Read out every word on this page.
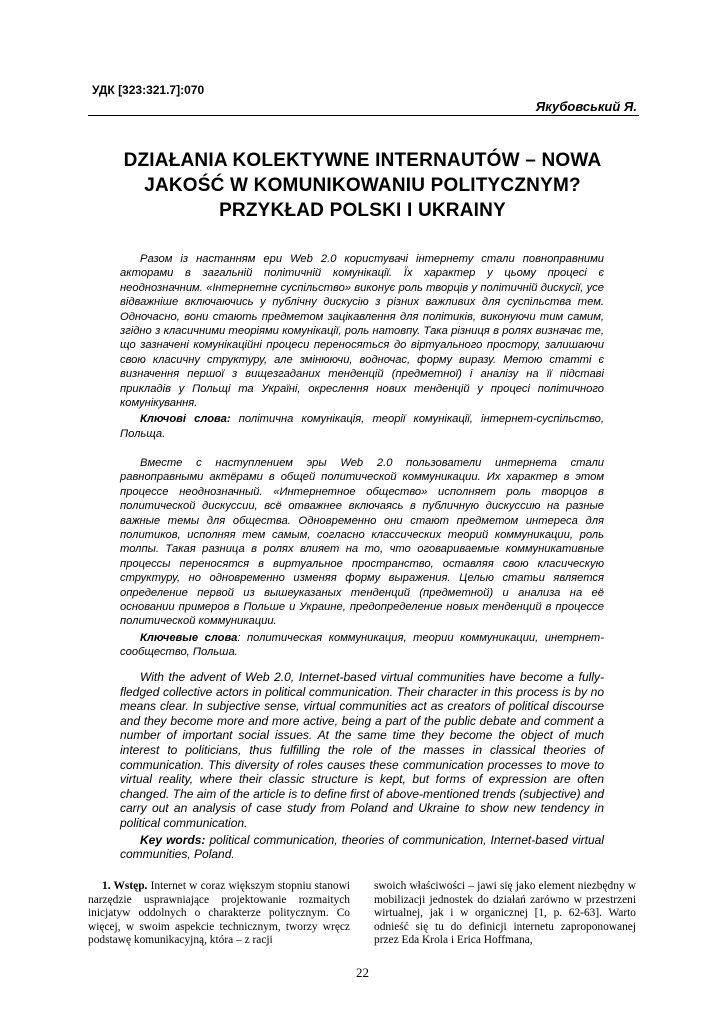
УДК [323:321.7]:070
Якубовський Я.
DZIAŁANIA KOLEKTYWNE INTERNAUTÓW – NOWA
JAKOŚĆ W KOMUNIKOWANIU POLITYCZNYM?
PRZYKŁAD POLSKI I UKRAINY

Разом із настанням ери Web 2.0 користувачі інтернету стали повноправними акторами в загальній політичній комунікації. Їх характер у цьому процесі є неоднозначним. «Інтернетне суспільство» виконує роль творців у політичній дискусії, усе відважніше включаючись у публічну дискусію з різних важливих для суспільства тем. Одночасно, вони стають предметом зацікавлення для політиків, виконуючи тим самим, згідно з класичними теоріями комунікації, роль натовпу. Така різниця в ролях визначає те, що зазначені комунікаційні процеси переносяться до віртуального простору, залишаючи свою класичну структуру, але змінюючи, водночас, форму виразу. Метою статті є визначення першої з вищезгаданих тенденцій (предметної) і аналізу на її підставі прикладів у Польщі та Україні, окреслення нових тенденцій у процесі політичного комунікування.

Ключові слова: політична комунікація, теорії комунікації, інтернет-суспільство, Польща.

Вместе с наступлением эры Web 2.0 пользователи интернета стали равноправными актёрами в общей политической коммуникации. Их характер в этом процессе неоднозначный. «Интернетное общество» исполняет роль творцов в политической дискуссии, всё отважнее включаясь в публичную дискуссию на разные важные темы для общества. Одновременно они стают предметом интереса для политиков, исполняя тем самым, согласно классических теорий коммуникации, роль толпы. Такая разница в ролях влияет на то, что оговариваемые коммуникативные процессы переносятся в виртуальное пространство, оставляя свою класическую структуру, но одновременно изменяя форму выражения. Целью статьи является определение первой из вышеуказаных тенденций (предметной) и анализа на её основании примеров в Польше и Украине, предопределение новых тенденций в процессе политической коммуникации.

Ключевые слова: политическая коммуникация, теории коммуникации, инетрнет-сообщество, Польша.

With the advent of Web 2.0, Internet-based virtual communities have become a fully-fledged collective actors in political communication. Their character in this process is by no means clear. In subjective sense, virtual communities act as creators of political discourse and they become more and more active, being a part of the public debate and comment a number of important social issues. At the same time they become the object of much interest to politicians, thus fulfilling the role of the masses in classical theories of communication. This diversity of roles causes these communication processes to move to virtual reality, where their classic structure is kept, but forms of expression are often changed. The aim of the article is to define first of above-mentioned trends (subjective) and carry out an analysis of case study from Poland and Ukraine to show new tendency in political communication.

Key words: political communication, theories of communication, Internet-based virtual communities, Poland.

1. Wstęp. Internet w coraz większym stopniu stanowi narzędzie usprawniające projektowanie rozmaitych inicjatyw oddolnych o charakterze politycznym. Co więcej, w swoim aspekcie technicznym, tworzy wręcz podstawę komunikacyjną, która – z racji

swoich właściwości – jawi się jako element niezbędny w mobilizacji jednostek do działań zarówno w przestrzeni wirtualnej, jak i w organicznej [1, p. 62-63]. Warto odnieść się tu do definicji internetu zaproponowanej przez Eda Krola i Erica Hoffmana,

22
